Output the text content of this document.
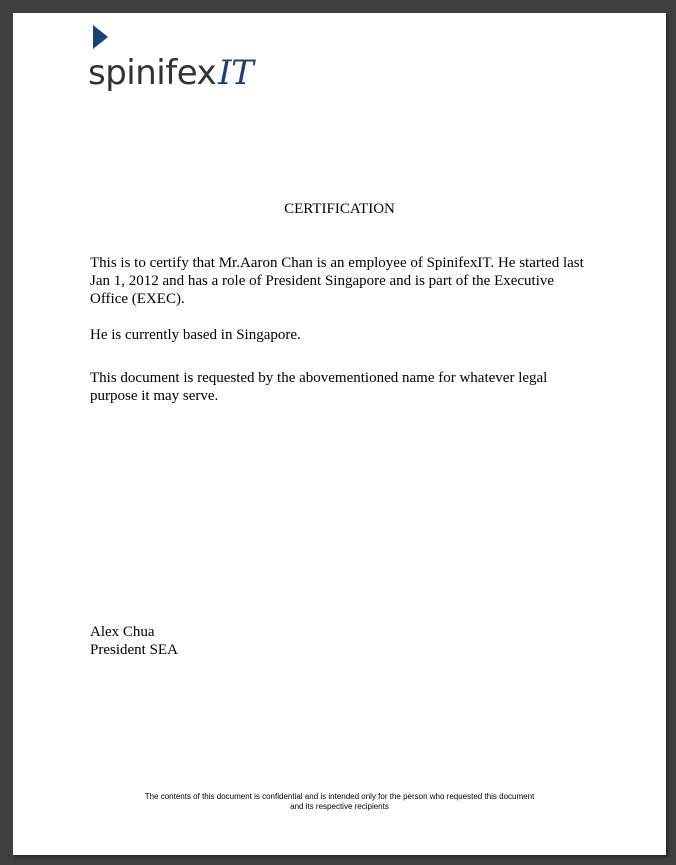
spinifexIT
CERTIFICATION
This is to certify that Mr.Aaron Chan is an employee of SpinifexIT. He started last Jan 1, 2012 and has a role of President Singapore and is part of the Executive Office (EXEC).
He is currently based in Singapore.
This document is requested by the abovementioned name for whatever legal purpose it may serve.
Alex Chua
President SEA
The contents of this document is confidential and is intended only for the person who requested this document
and its respective recipients
